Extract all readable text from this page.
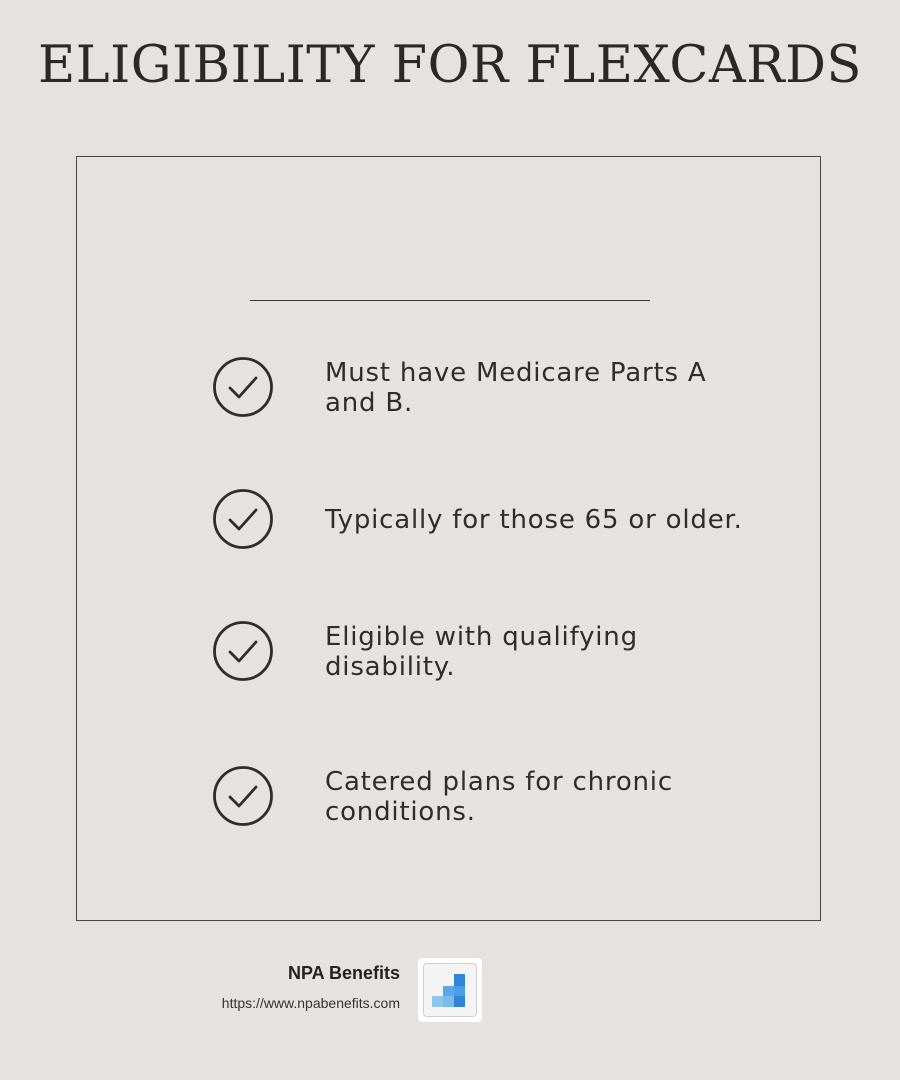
ELIGIBILITY FOR FLEXCARDS
Must have Medicare Parts A and B.
Typically for those 65 or older.
Eligible with qualifying disability.
Catered plans for chronic conditions.
NPA Benefits
https://www.npabenefits.com
